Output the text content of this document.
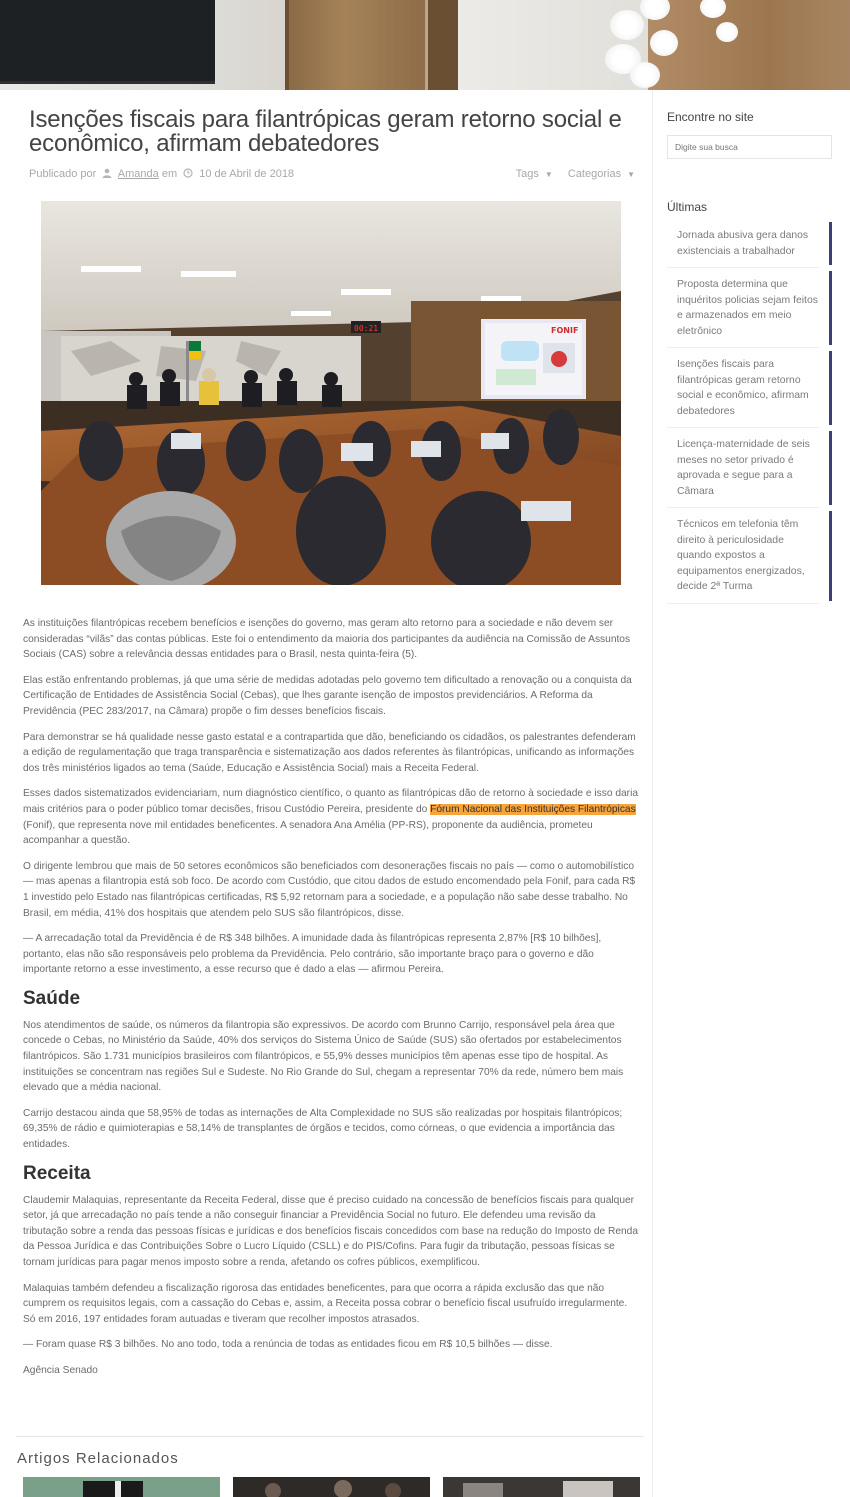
Isenções fiscais para filantrópicas geram retorno social e econômico, afirmam debatedores
Publicado por Amanda em 10 de Abril de 2018	Tags ▼ Categorias ▼
00:21	FONIF

As instituições filantrópicas recebem benefícios e isenções do governo, mas geram alto retorno para a sociedade e não devem ser consideradas “vilãs” das contas públicas. Este foi o entendimento da maioria dos participantes da audiência na Comissão de Assuntos Sociais (CAS) sobre a relevância dessas entidades para o Brasil, nesta quinta-feira (5).

Elas estão enfrentando problemas, já que uma série de medidas adotadas pelo governo tem dificultado a renovação ou a conquista da Certificação de Entidades de Assistência Social (Cebas), que lhes garante isenção de impostos previdenciários. A Reforma da Previdência (PEC 283/2017, na Câmara) propõe o fim desses benefícios fiscais.

Para demonstrar se há qualidade nesse gasto estatal e a contrapartida que dão, beneficiando os cidadãos, os palestrantes defenderam a edição de regulamentação que traga transparência e sistematização aos dados referentes às filantrópicas, unificando as informações dos três ministérios ligados ao tema (Saúde, Educação e Assistência Social) mais a Receita Federal.

Esses dados sistematizados evidenciariam, num diagnóstico científico, o quanto as filantrópicas dão de retorno à sociedade e isso daria mais critérios para o poder público tomar decisões, frisou Custódio Pereira, presidente do Fórum Nacional das Instituições Filantrópicas (Fonif), que representa nove mil entidades beneficentes. A senadora Ana Amélia (PP-RS), proponente da audiência, prometeu acompanhar a questão.

O dirigente lembrou que mais de 50 setores econômicos são beneficiados com desonerações fiscais no país — como o automobilístico — mas apenas a filantropia está sob foco. De acordo com Custódio, que citou dados de estudo encomendado pela Fonif, para cada R$ 1 investido pelo Estado nas filantrópicas certificadas, R$ 5,92 retornam para a sociedade, e a população não sabe desse trabalho. No Brasil, em média, 41% dos hospitais que atendem pelo SUS são filantrópicos, disse.

— A arrecadação total da Previdência é de R$ 348 bilhões. A imunidade dada às filantrópicas representa 2,87% [R$ 10 bilhões], portanto, elas não são responsáveis pelo problema da Previdência. Pelo contrário, são importante braço para o governo e dão importante retorno a esse investimento, a esse recurso que é dado a elas — afirmou Pereira.

Saúde

Nos atendimentos de saúde, os números da filantropia são expressivos. De acordo com Brunno Carrijo, responsável pela área que concede o Cebas, no Ministério da Saúde, 40% dos serviços do Sistema Único de Saúde (SUS) são ofertados por estabelecimentos filantrópicos. São 1.731 municípios brasileiros com filantrópicos, e 55,9% desses municípios têm apenas esse tipo de hospital. As instituições se concentram nas regiões Sul e Sudeste. No Rio Grande do Sul, chegam a representar 70% da rede, número bem mais elevado que a média nacional.

Carrijo destacou ainda que 58,95% de todas as internações de Alta Complexidade no SUS são realizadas por hospitais filantrópicos; 69,35% de rádio e quimioterapias e 58,14% de transplantes de órgãos e tecidos, como córneas, o que evidencia a importância das entidades.

Receita

Claudemir Malaquias, representante da Receita Federal, disse que é preciso cuidado na concessão de benefícios fiscais para qualquer setor, já que arrecadação no país tende a não conseguir financiar a Previdência Social no futuro. Ele defendeu uma revisão da tributação sobre a renda das pessoas físicas e jurídicas e dos benefícios fiscais concedidos com base na redução do Imposto de Renda da Pessoa Jurídica e das Contribuições Sobre o Lucro Líquido (CSLL) e do PIS/Cofins. Para fugir da tributação, pessoas físicas se tornam jurídicas para pagar menos imposto sobre a renda, afetando os cofres públicos, exemplificou.

Malaquias também defendeu a fiscalização rigorosa das entidades beneficentes, para que ocorra a rápida exclusão das que não cumprem os requisitos legais, com a cassação do Cebas e, assim, a Receita possa cobrar o benefício fiscal usufruído irregularmente. Só em 2016, 197 entidades foram autuadas e tiveram que recolher impostos atrasados.

— Foram quase R$ 3 bilhões. No ano todo, toda a renúncia de todas as entidades ficou em R$ 10,5 bilhões — disse.

Agência Senado

Artigos Relacionados
Encontre no site
Digite sua busca
Últimas
Jornada abusiva gera danos existenciais a trabalhador
Proposta determina que inquéritos policias sejam feitos e armazenados em meio eletrônico
Isenções fiscais para filantrópicas geram retorno social e econômico, afirmam debatedores
Licença-maternidade de seis meses no setor privado é aprovada e segue para a Câmara
Técnicos em telefonia têm direito à periculosidade quando expostos a equipamentos energizados, decide 2ª Turma
